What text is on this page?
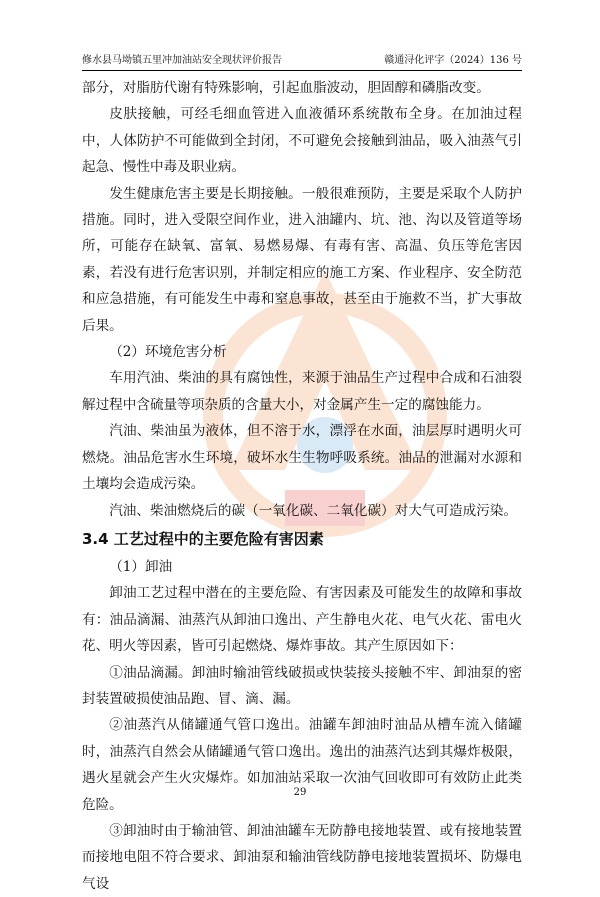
修水县马坳镇五里冲加油站安全现状评价报告	赣通浔化评字（2024）136 号

部分，对脂肪代谢有特殊影响，引起血脂波动，胆固醇和磷脂改变。

皮肤接触，可经毛细血管进入血液循环系统散布全身。在加油过程中，人体防护不可能做到全封闭，不可避免会接触到油品，吸入油蒸气引起急、慢性中毒及职业病。

发生健康危害主要是长期接触。一般很难预防，主要是采取个人防护措施。同时，进入受限空间作业，进入油罐内、坑、池、沟以及管道等场所，可能存在缺氧、富氧、易燃易爆、有毒有害、高温、负压等危害因素，若没有进行危害识别，并制定相应的施工方案、作业程序、安全防范和应急措施，有可能发生中毒和窒息事故，甚至由于施救不当，扩大事故后果。

（2）环境危害分析

车用汽油、柴油的具有腐蚀性，来源于油品生产过程中合成和石油裂解过程中含硫量等项杂质的含量大小，对金属产生一定的腐蚀能力。

汽油、柴油虽为液体，但不溶于水，漂浮在水面，油层厚时遇明火可燃烧。油品危害水生环境，破坏水生生物呼吸系统。油品的泄漏对水源和土壤均会造成污染。

汽油、柴油燃烧后的碳（一氧化碳、二氧化碳）对大气可造成污染。

3.4 工艺过程中的主要危险有害因素

（1）卸油

卸油工艺过程中潜在的主要危险、有害因素及可能发生的故障和事故有：油品滴漏、油蒸汽从卸油口逸出、产生静电火花、电气火花、雷电火花、明火等因素，皆可引起燃烧、爆炸事故。其产生原因如下：

①油品滴漏。卸油时输油管线破损或快装接头接触不牢、卸油泵的密封装置破损使油品跑、冒、滴、漏。

②油蒸汽从储罐通气管口逸出。油罐车卸油时油品从槽车流入储罐时，油蒸汽自然会从储罐通气管口逸出。逸出的油蒸汽达到其爆炸极限，遇火星就会产生火灾爆炸。如加油站采取一次油气回收即可有效防止此类危险。

③卸油时由于输油管、卸油油罐车无防静电接地装置、或有接地装置而接地电阻不符合要求、卸油泵和输油管线防静电接地装置损坏、防爆电气设

29
